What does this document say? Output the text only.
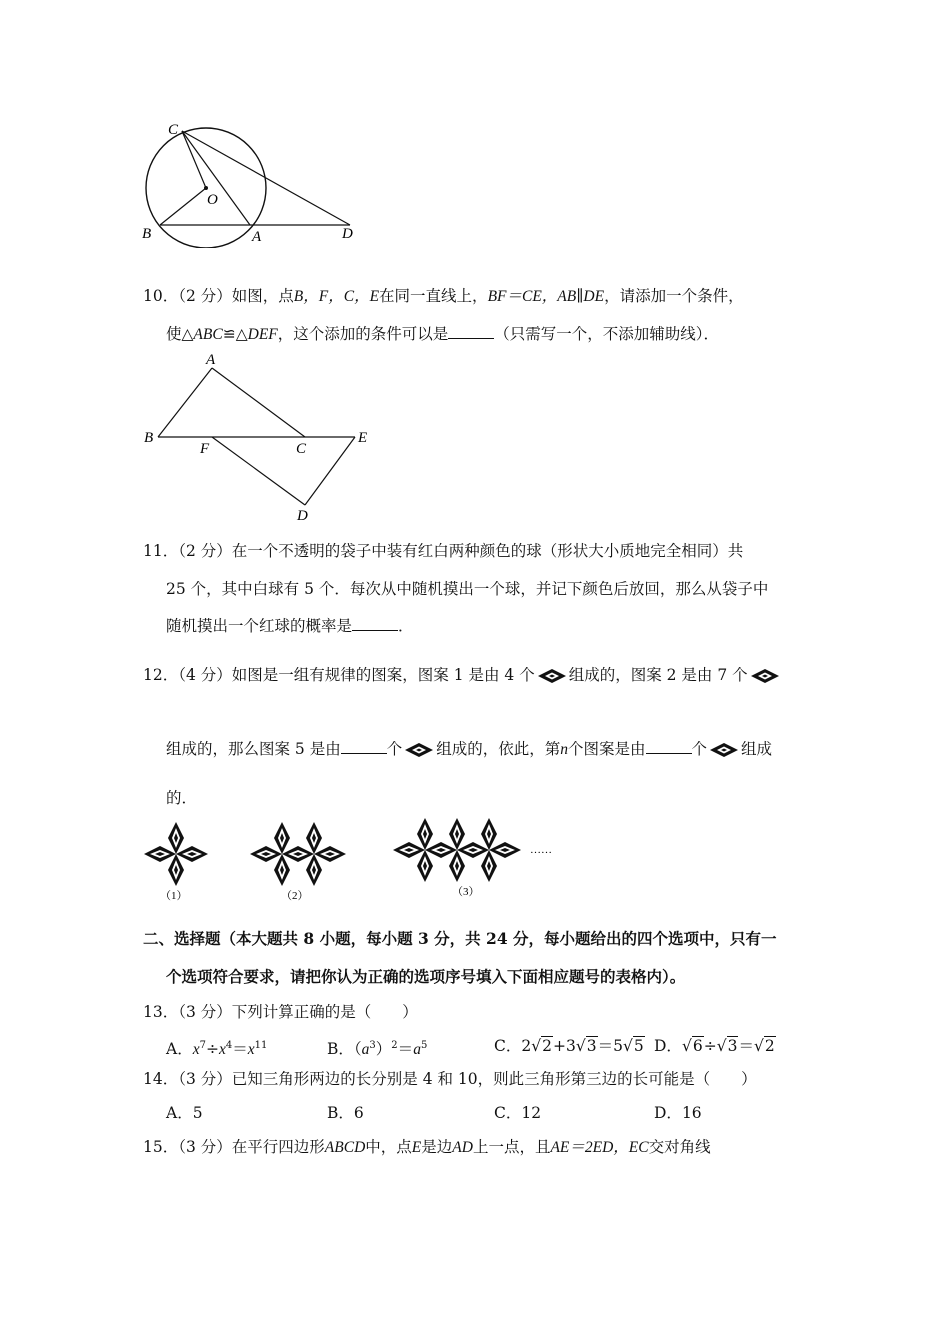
C
O
B	A	D
10．（2 分）如图，点B，F，C，E在同一直线上，BF＝CE，AB∥DE，请添加一个条件，
使△ABC≌△DEF，这个添加的条件可以是	（只需写一个，不添加辅助线）．
A
B
F	C
E
D
11．（2 分）在一个不透明的袋子中装有红白两种颜色的球（形状大小质地完全相同）共
25 个，其中白球有 5 个．每次从中随机摸出一个球，并记下颜色后放回，那么从袋子中
随机摸出一个红球的概率是	．
12．（4 分）如图是一组有规律的图案，图案 1 是由 4 个 组成的，图案 2 是由 7 个
组成的，那么图案 5 是由	个 组成的，依此，第n个图案是由	个 组成
的．
……
（1）	（2）	（3）
二、选择题（本大题共 8 小题，每小题 3 分，共 24 分，每小题给出的四个选项中，只有一
个选项符合要求，请把你认为正确的选项序号填入下面相应题号的表格内）。
13．（3 分）下列计算正确的是（　　）
A．$x^7\div x^4=x^{11}$	B．$(a^3)^2=a^5$	C．2√2+3√3＝5√5 D．√6÷√3＝√2
14．（3 分）已知三角形两边的长分别是 4 和 10，则此三角形第三边的长可能是（　　）
A．5	B．6	C．12	D．16
15．（3 分）在平行四边形ABCD中，点E是边AD上一点，且AE＝2ED，EC交对角线
